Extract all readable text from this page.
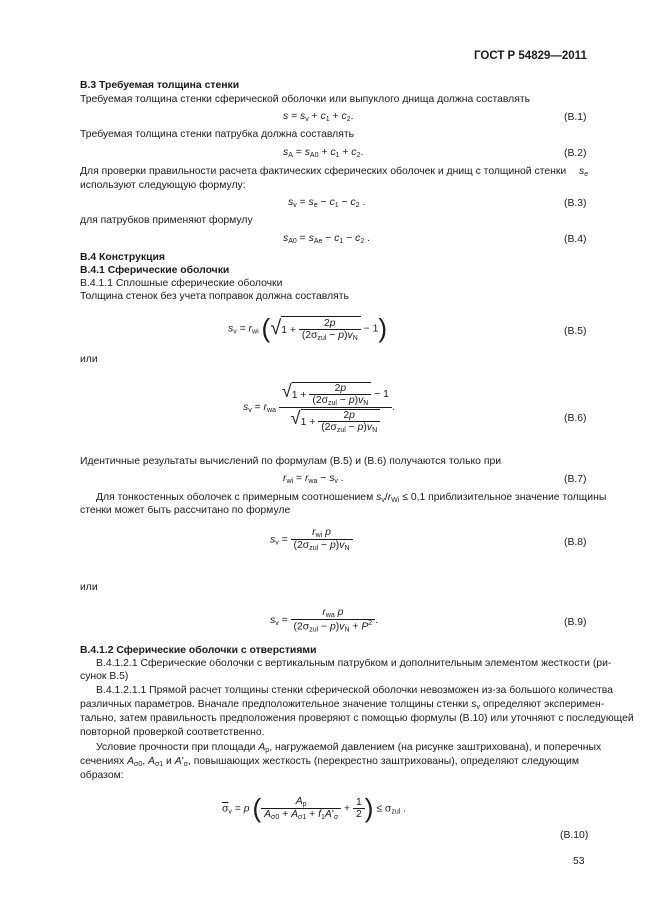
ГОСТ Р 54829—2011
В.3 Требуемая толщина стенки
Требуемая толщина стенки сферической оболочки или выпуклого днища должна составлять
$s = s_v + c_1 + c_2$.	(В.1)
Требуемая толщина стенки патрубка должна составлять
$s_A = s_{A0} + c_1 + c_2$.	(В.2)
Для проверки правильности расчета фактических сферических оболочек и днищ с толщиной стенки	$s_e$
используют следующую формулу:
$s_v = s_e - c_1 - c_2$ .	(В.3)
для патрубков применяют формулу
$s_{A0} = s_{Ae} - c_1 - c_2$ .	(В.4)
В.4 Конструкция
В.4.1 Сферические оболочки
В.4.1.1 Сплошные сферические оболочки
Толщина стенок без учета поправок должна составлять
$s_v = r_{wi}$ (√1 +
2p
$(2\sigma_{zul} - p)v_N$
− 1)	(В.5)
или
$s_v = r_{wa}$
√1 +
2p
$(2\sigma_{zul} - p)v_N$
− 1
√1 +
2p
$(2\sigma_{zul} - p)v_N$
.
(В.6)
Идентичные результаты вычислений по формулам (В.5) и (В.6) получаются только при
$r_{wi} = r_{wa} - s_v$ .	(В.7)
Для тонкостенных оболочек с примерным соотношением $s_v/r_{Wi} \le 0,1$ приблизительное значение толщины
стенки может быть рассчитано по формуле
$s_v$ =
$r_{wi}$ p
$(2\sigma_{zul} - p)v_N$
(В.8)
или
$s_v$ =
$r_{wa}$ p
$(2\sigma_{zul} - p)v_N + P^2$ .	(В.9)
В.4.1.2 Сферические оболочки с отверстиями
В.4.1.2.1 Сферические оболочки с вертикальным патрубком и дополнительным элементом жесткости (ри-
сунок В.5)
В.4.1.2.1.1 Прямой расчет толщины стенки сферической оболочки невозможен из-за большого количества
различных параметров. Вначале предположительное значение толщины стенки $s_v$ определяют эксперимен-
тально, затем правильность предположения проверяют с помощью формулы (В.10) или уточняют с последующей
повторной проверкой соответственно.
Условие прочности при площади $A_p$, нагружаемой давлением (на рисунке заштрихована), и поперечных
сечениях $A_{\sigma 0}$, $A_{\sigma 1}$ и $A'_\sigma$, повышающих жесткость (перекрестно заштрихованы), определяют следующим
образом:
$\overline{\sigma}_v = p$ ( $\frac{A_p}{A_{\sigma 0} + A_{\sigma 1} + f_1A'_\sigma} + \frac{1}{2}$ ) ≤ $\sigma_{zul}$ .
(В.10)
53
